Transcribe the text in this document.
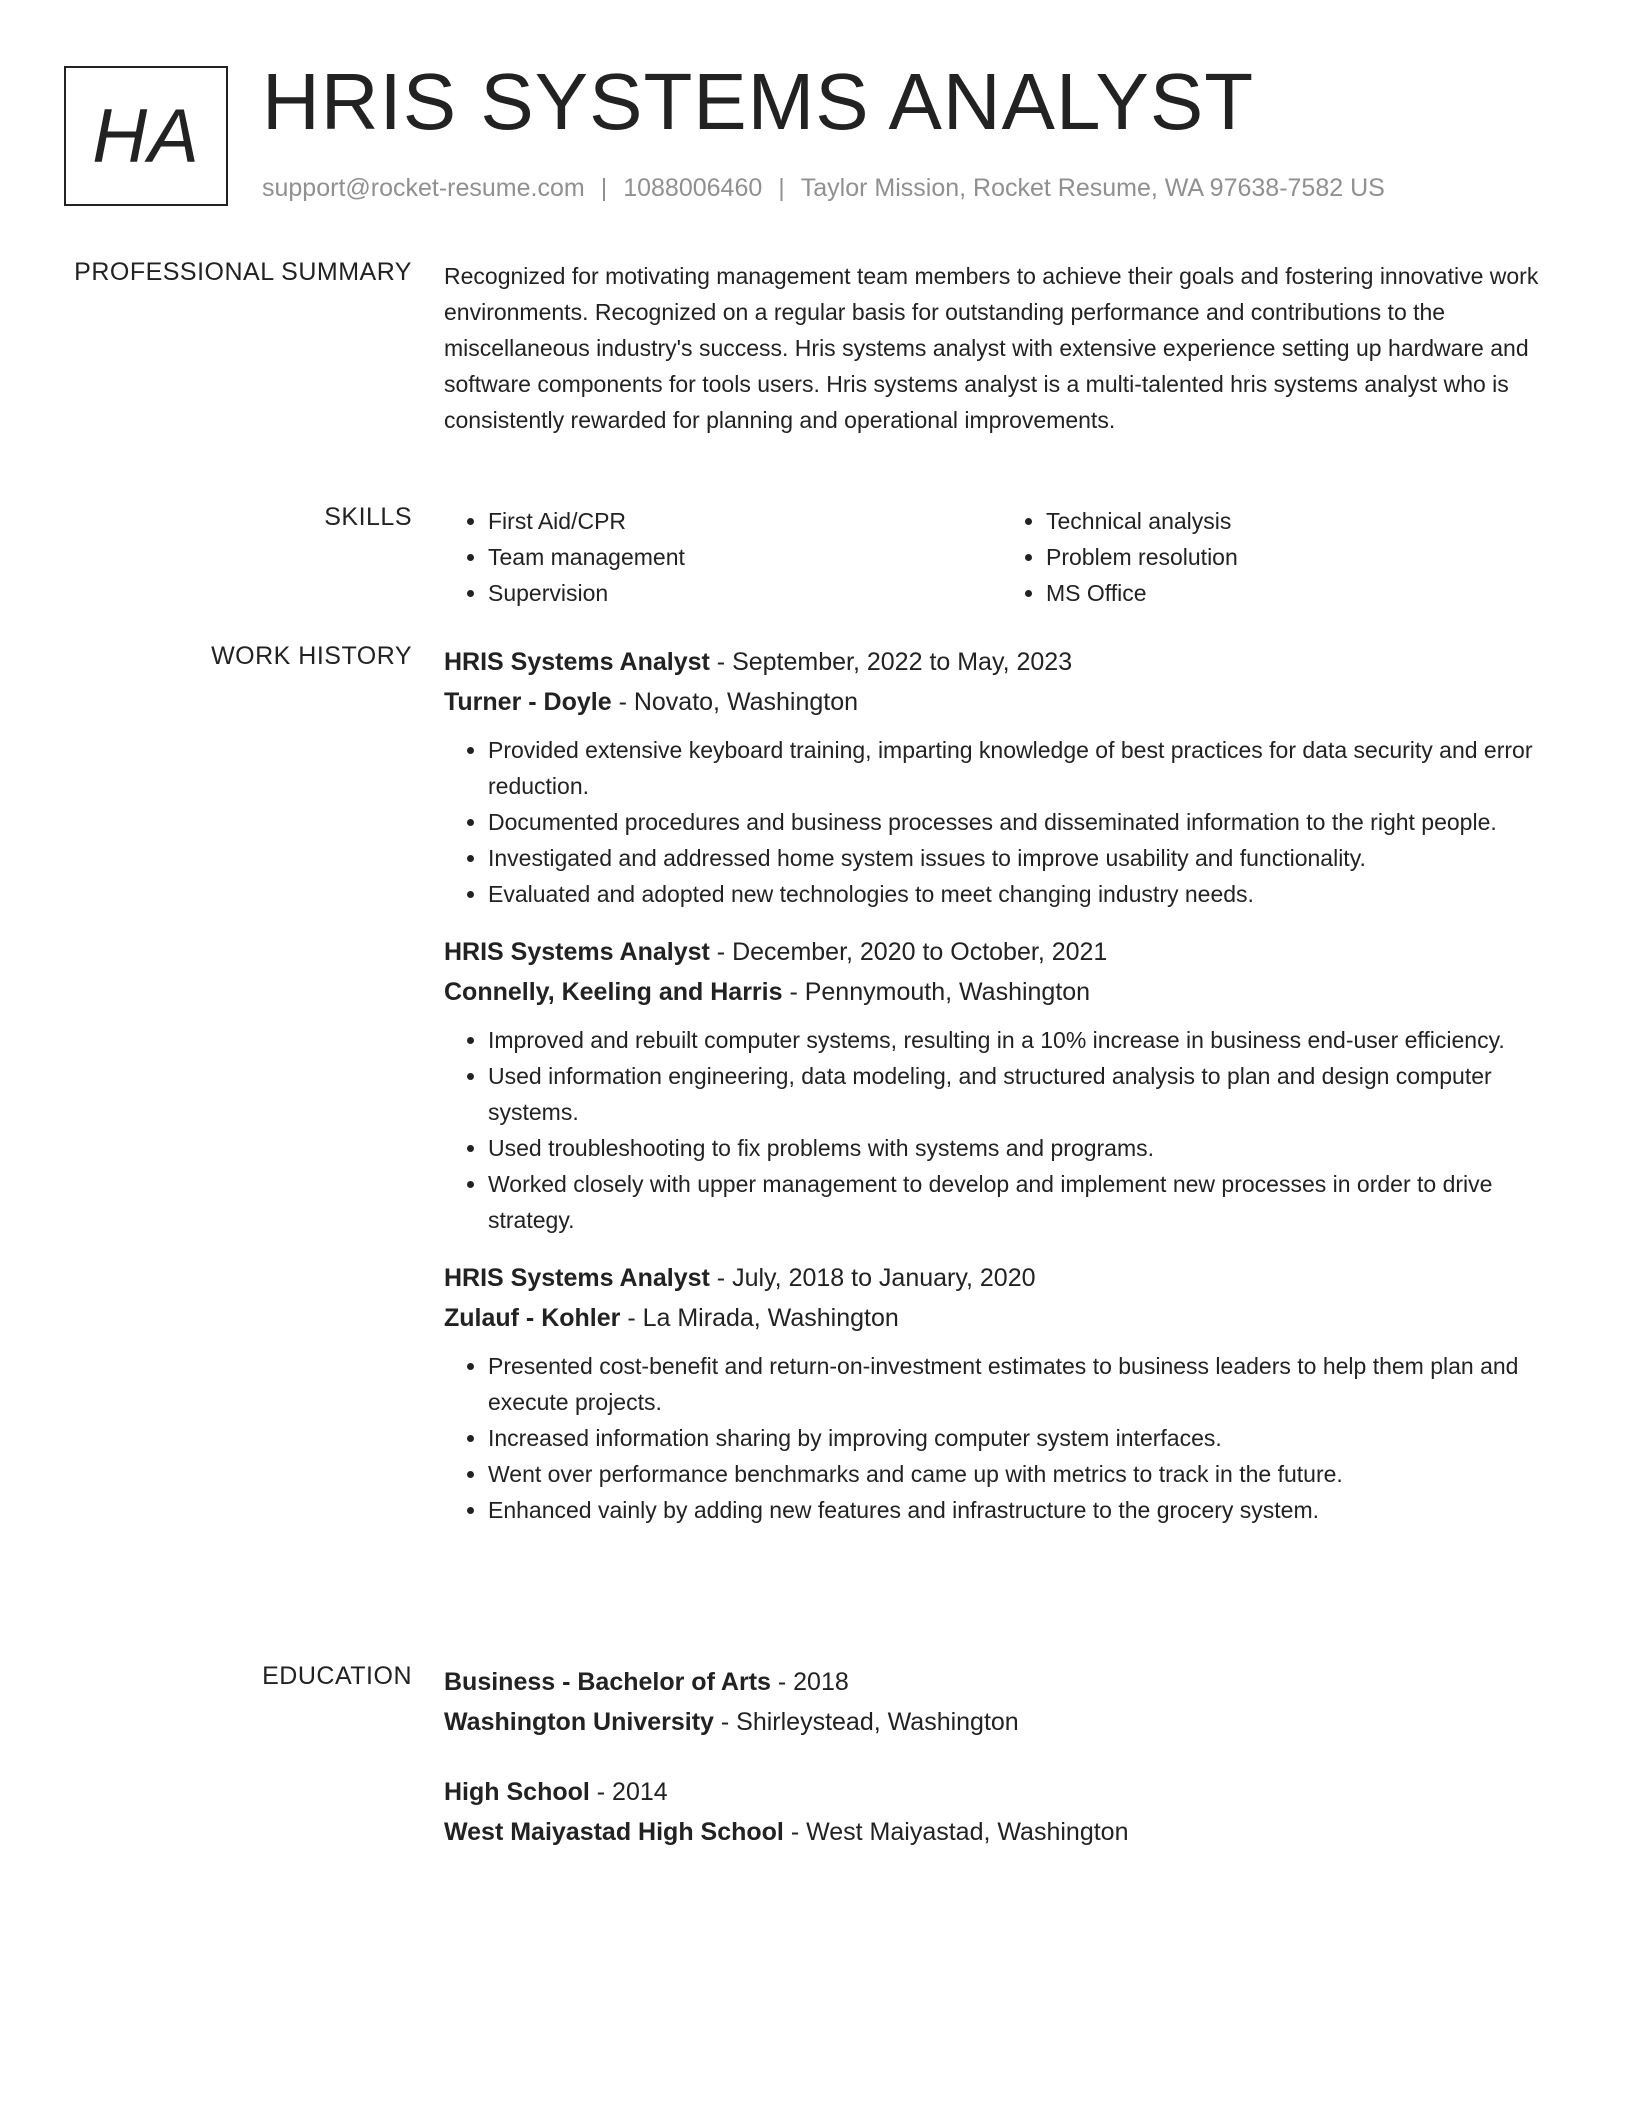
HA HRIS SYSTEMS ANALYST
support@rocket-resume.com | 1088006460 | Taylor Mission, Rocket Resume, WA 97638-7582 US
PROFESSIONAL SUMMARY Recognized for motivating management team members to achieve their goals and fostering innovative work environments. Recognized on a regular basis for outstanding performance and contributions to the miscellaneous industry's success. Hris systems analyst with extensive experience setting up hardware and software components for tools users. Hris systems analyst is a multi-talented hris systems analyst who is consistently rewarded for planning and operational improvements.

SKILLS
•	First Aid/CPR
• Team management
• Supervision
• Technical analysis
• Problem resolution
• MS Office
WORK HISTORY HRIS Systems Analyst - September, 2022 to May, 2023
Turner - Doyle - Novato, Washington
• Provided extensive keyboard training, imparting knowledge of best practices for data security and error reduction.
• Documented procedures and business processes and disseminated information to the right people.
• Investigated and addressed home system issues to improve usability and functionality.
• Evaluated and adopted new technologies to meet changing industry needs.
HRIS Systems Analyst - December, 2020 to October, 2021
Connelly, Keeling and Harris - Pennymouth, Washington
• Improved and rebuilt computer systems, resulting in a 10% increase in business end-user efficiency.
• Used information engineering, data modeling, and structured analysis to plan and design computer systems.
• Used troubleshooting to fix problems with systems and programs.
• Worked closely with upper management to develop and implement new processes in order to drive strategy.
HRIS Systems Analyst - July, 2018 to January, 2020
Zulauf - Kohler - La Mirada, Washington
• Presented cost-benefit and return-on-investment estimates to business leaders to help them plan and execute projects.
• Increased information sharing by improving computer system interfaces.
• Went over performance benchmarks and came up with metrics to track in the future.
• Enhanced vainly by adding new features and infrastructure to the grocery system.
EDUCATION Business - Bachelor of Arts - 2018
Washington University - Shirleystead, Washington
High School - 2014
West Maiyastad High School - West Maiyastad, Washington
